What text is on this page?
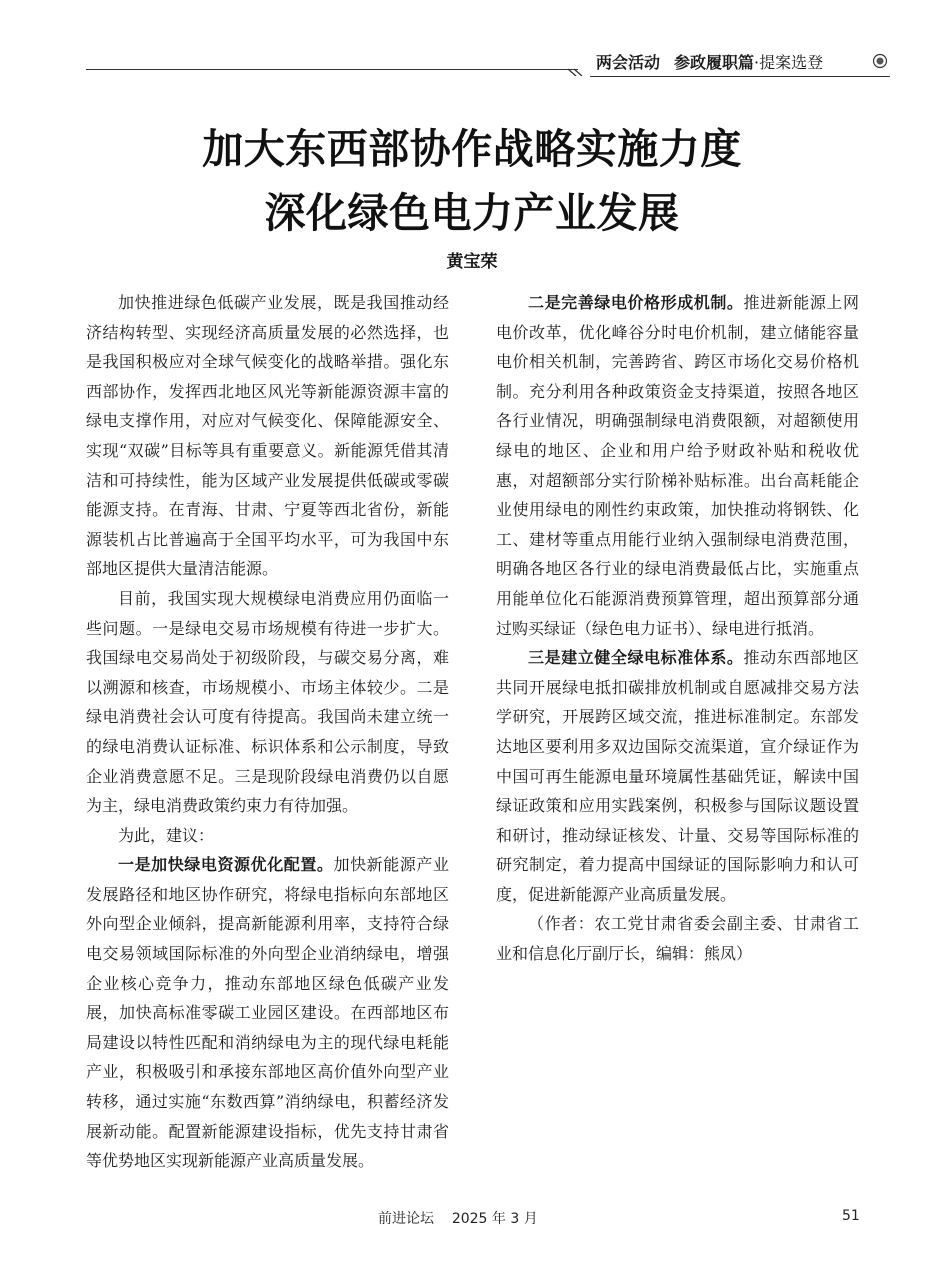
两会活动 参政履职篇·提案选登
加大东西部协作战略实施力度
深化绿色电力产业发展
黄宝荣

加快推进绿色低碳产业发展，既是我国推动经济结构转型、实现经济高质量发展的必然选择，也是我国积极应对全球气候变化的战略举措。强化东西部协作，发挥西北地区风光等新能源资源丰富的绿电支撑作用，对应对气候变化、保障能源安全、实现“双碳”目标等具有重要意义。新能源凭借其清洁和可持续性，能为区域产业发展提供低碳或零碳能源支持。在青海、甘肃、宁夏等西北省份，新能源装机占比普遍高于全国平均水平，可为我国中东部地区提供大量清洁能源。

目前，我国实现大规模绿电消费应用仍面临一些问题。一是绿电交易市场规模有待进一步扩大。我国绿电交易尚处于初级阶段，与碳交易分离，难以溯源和核查，市场规模小、市场主体较少。二是绿电消费社会认可度有待提高。我国尚未建立统一的绿电消费认证标准、标识体系和公示制度，导致企业消费意愿不足。三是现阶段绿电消费仍以自愿为主，绿电消费政策约束力有待加强。

为此，建议：

一是加快绿电资源优化配置。加快新能源产业发展路径和地区协作研究，将绿电指标向东部地区外向型企业倾斜，提高新能源利用率，支持符合绿电交易领域国际标准的外向型企业消纳绿电，增强企业核心竞争力，推动东部地区绿色低碳产业发展，加快高标准零碳工业园区建设。在西部地区布局建设以特性匹配和消纳绿电为主的现代绿电耗能产业，积极吸引和承接东部地区高价值外向型产业转移，通过实施“东数西算”消纳绿电，积蓄经济发展新动能。配置新能源建设指标，优先支持甘肃省等优势地区实现新能源产业高质量发展。

二是完善绿电价格形成机制。推进新能源上网电价改革，优化峰谷分时电价机制，建立储能容量电价相关机制，完善跨省、跨区市场化交易价格机制。充分利用各种政策资金支持渠道，按照各地区各行业情况，明确强制绿电消费限额，对超额使用绿电的地区、企业和用户给予财政补贴和税收优惠，对超额部分实行阶梯补贴标准。出台高耗能企业使用绿电的刚性约束政策，加快推动将钢铁、化工、建材等重点用能行业纳入强制绿电消费范围，明确各地区各行业的绿电消费最低占比，实施重点用能单位化石能源消费预算管理，超出预算部分通过购买绿证（绿色电力证书）、绿电进行抵消。

三是建立健全绿电标准体系。推动东西部地区共同开展绿电抵扣碳排放机制或自愿减排交易方法学研究，开展跨区域交流，推进标准制定。东部发达地区要利用多双边国际交流渠道，宣介绿证作为中国可再生能源电量环境属性基础凭证，解读中国绿证政策和应用实践案例，积极参与国际议题设置和研讨，推动绿证核发、计量、交易等国际标准的研究制定，着力提高中国绿证的国际影响力和认可度，促进新能源产业高质量发展。

（作者：农工党甘肃省委会副主委、甘肃省工业和信息化厅副厅长，编辑：熊凤）

前进论坛 2025 年 3 月	51
